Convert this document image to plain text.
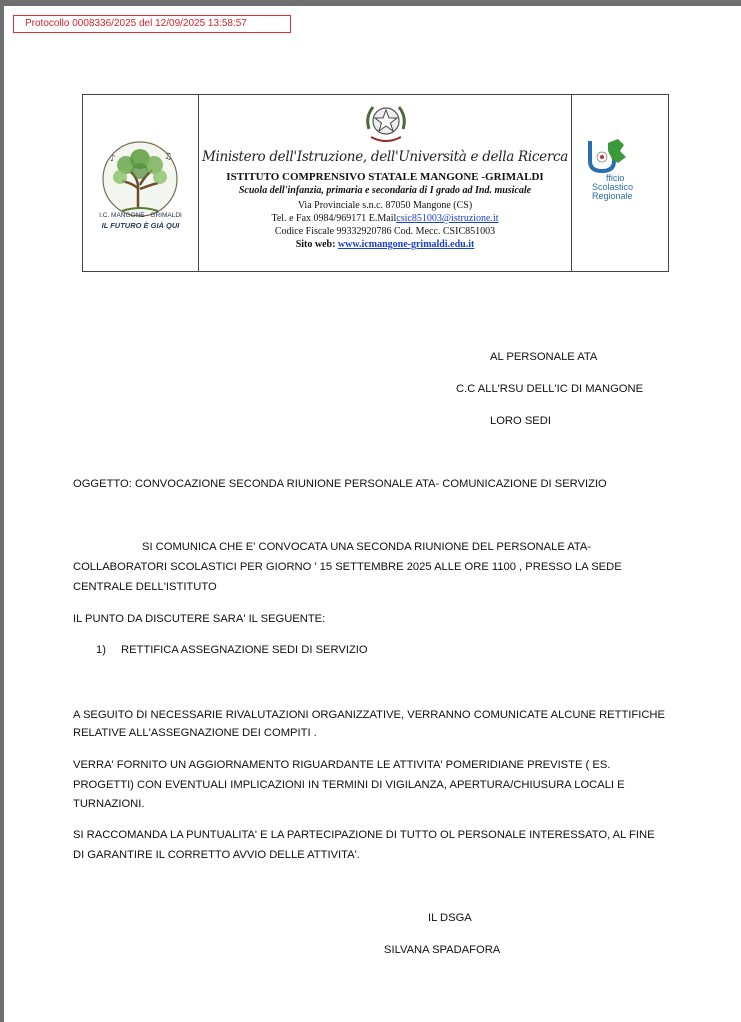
Protocollo 0008336/2025 del 12/09/2025 13:58:57
♪	♫
I.C. MANGONE · GRIMALDI
IL FUTURO È GIÀ QUI
Ministero dell'Istruzione, dell'Università e della Ricerca
ISTITUTO COMPRENSIVO STATALE MANGONE -GRIMALDI
Scuola dell'infanzia, primaria e secondaria di I grado ad Ind. musicale
Via Provinciale s.n.c. 87050 Mangone (CS)
Tel. e Fax 0984/969171 E.Mailcsic851003@istruzione.it
Codice Fiscale 99332920786 Cod. Mecc. CSIC851003
Sito web: www.icmangone-grimaldi.edu.it
fficio
Scolastico
Regionale
AL PERSONALE ATA
C.C ALL'RSU DELL'IC DI MANGONE
LORO SEDI
OGGETTO: CONVOCAZIONE SECONDA RIUNIONE PERSONALE ATA- COMUNICAZIONE DI SERVIZIO
SI COMUNICA CHE E' CONVOCATA UNA SECONDA RIUNIONE DEL PERSONALE ATA-
COLLABORATORI SCOLASTICI PER GIORNO ' 15 SETTEMBRE 2025 ALLE ORE 1100 , PRESSO LA SEDE
CENTRALE DELL'ISTITUTO
IL PUNTO DA DISCUTERE SARA' IL SEGUENTE:
1) RETTIFICA ASSEGNAZIONE SEDI DI SERVIZIO
A SEGUITO DI NECESSARIE RIVALUTAZIONI ORGANIZZATIVE, VERRANNO COMUNICATE ALCUNE RETTIFICHE
RELATIVE ALL'ASSEGNAZIONE DEI COMPITI .
VERRA' FORNITO UN AGGIORNAMENTO RIGUARDANTE LE ATTIVITA' POMERIDIANE PREVISTE ( ES.
PROGETTI) CON EVENTUALI IMPLICAZIONI IN TERMINI DI VIGILANZA, APERTURA/CHIUSURA LOCALI E
TURNAZIONI.
SI RACCOMANDA LA PUNTUALITA' E LA PARTECIPAZIONE DI TUTTO OL PERSONALE INTERESSATO, AL FINE
DI GARANTIRE IL CORRETTO AVVIO DELLE ATTIVITA'.
IL DSGA
SILVANA SPADAFORA
